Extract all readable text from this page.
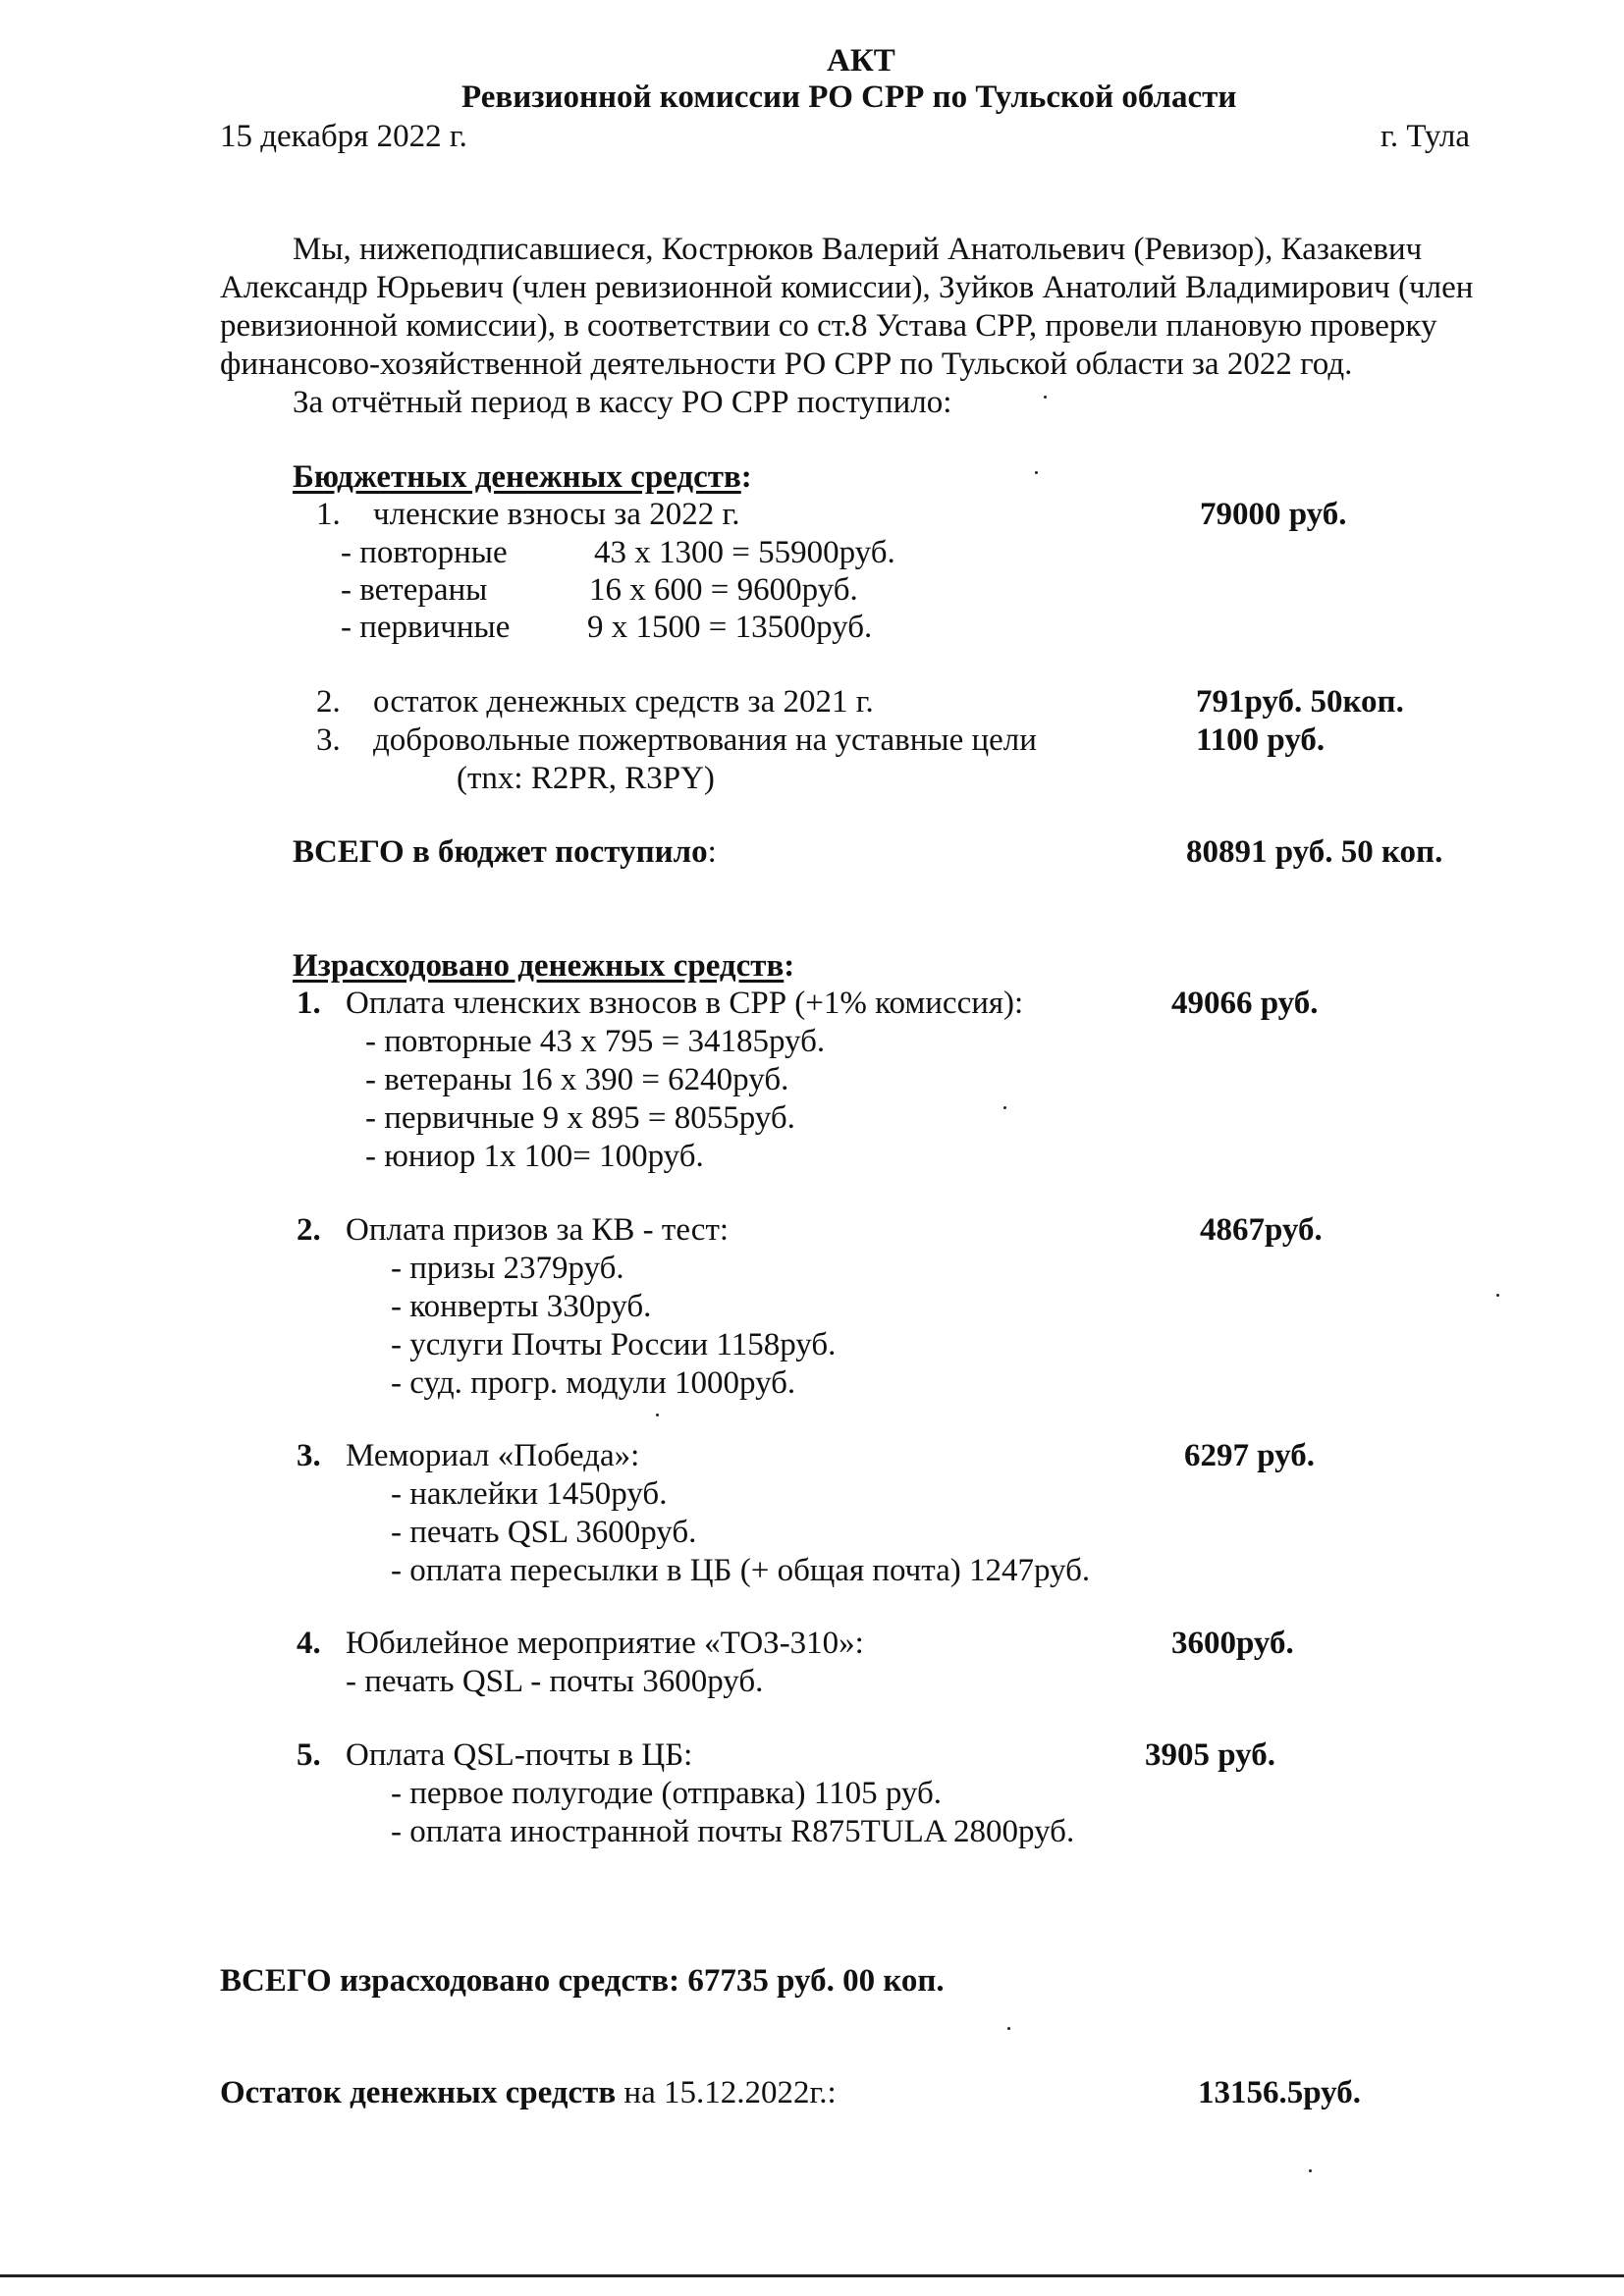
АКТ
Ревизионной комиссии РО СРР по Тульской области
15 декабря 2022 г.	г. Тула
Мы, нижеподписавшиеся, Кострюков Валерий Анатольевич (Ревизор), Казакевич
Александр Юрьевич (член ревизионной комиссии), Зуйков Анатолий Владимирович (член
ревизионной комиссии), в соответствии со ст.8 Устава СРР, провели плановую проверку
финансово-хозяйственной деятельности РО СРР по Тульской области за 2022 год.
За отчётный период в кассу РО СРР поступило:
Бюджетных денежных средств:
1. членские взносы за 2022 г.	79000 руб.
- повторные	43 х 1300 = 55900руб.
- ветераны	16 х 600 = 9600руб.
- первичные 9 х 1500 = 13500руб.
2. остаток денежных средств за 2021 г.	791руб. 50коп.
3. добровольные пожертвования на уставные цели	1100 руб.
(тnx: R2PR, R3PY)
ВСЕГО в бюджет поступило:	80891 руб. 50 коп.
Израсходовано денежных средств:
1. Оплата членских взносов в СРР (+1% комиссия):	49066 руб.
- повторные 43 х 795 = 34185руб.
- ветераны 16 х 390 = 6240руб.
- первичные 9 х 895 = 8055руб.
- юниор 1х 100= 100руб.
2. Оплата призов за КВ - тест:	4867руб.
- призы 2379руб.
- конверты 330руб.
- услуги Почты России 1158руб.
- суд. прогр. модули 1000руб.
3. Мемориал «Победа»:	6297 руб.
- наклейки 1450руб.
- печать QSL 3600руб.
- оплата пересылки в ЦБ (+ общая почта) 1247руб.
4. Юбилейное мероприятие «ТОЗ-310»:	3600руб.
- печать QSL - почты 3600руб.
5. Оплата QSL-почты в ЦБ:	3905 руб.
- первое полугодие (отправка) 1105 руб.
- оплата иностранной почты R875TULA 2800руб.
ВСЕГО израсходовано средств: 67735 руб. 00 коп.
Остаток денежных средств на 15.12.2022г.:	13156.5руб.
